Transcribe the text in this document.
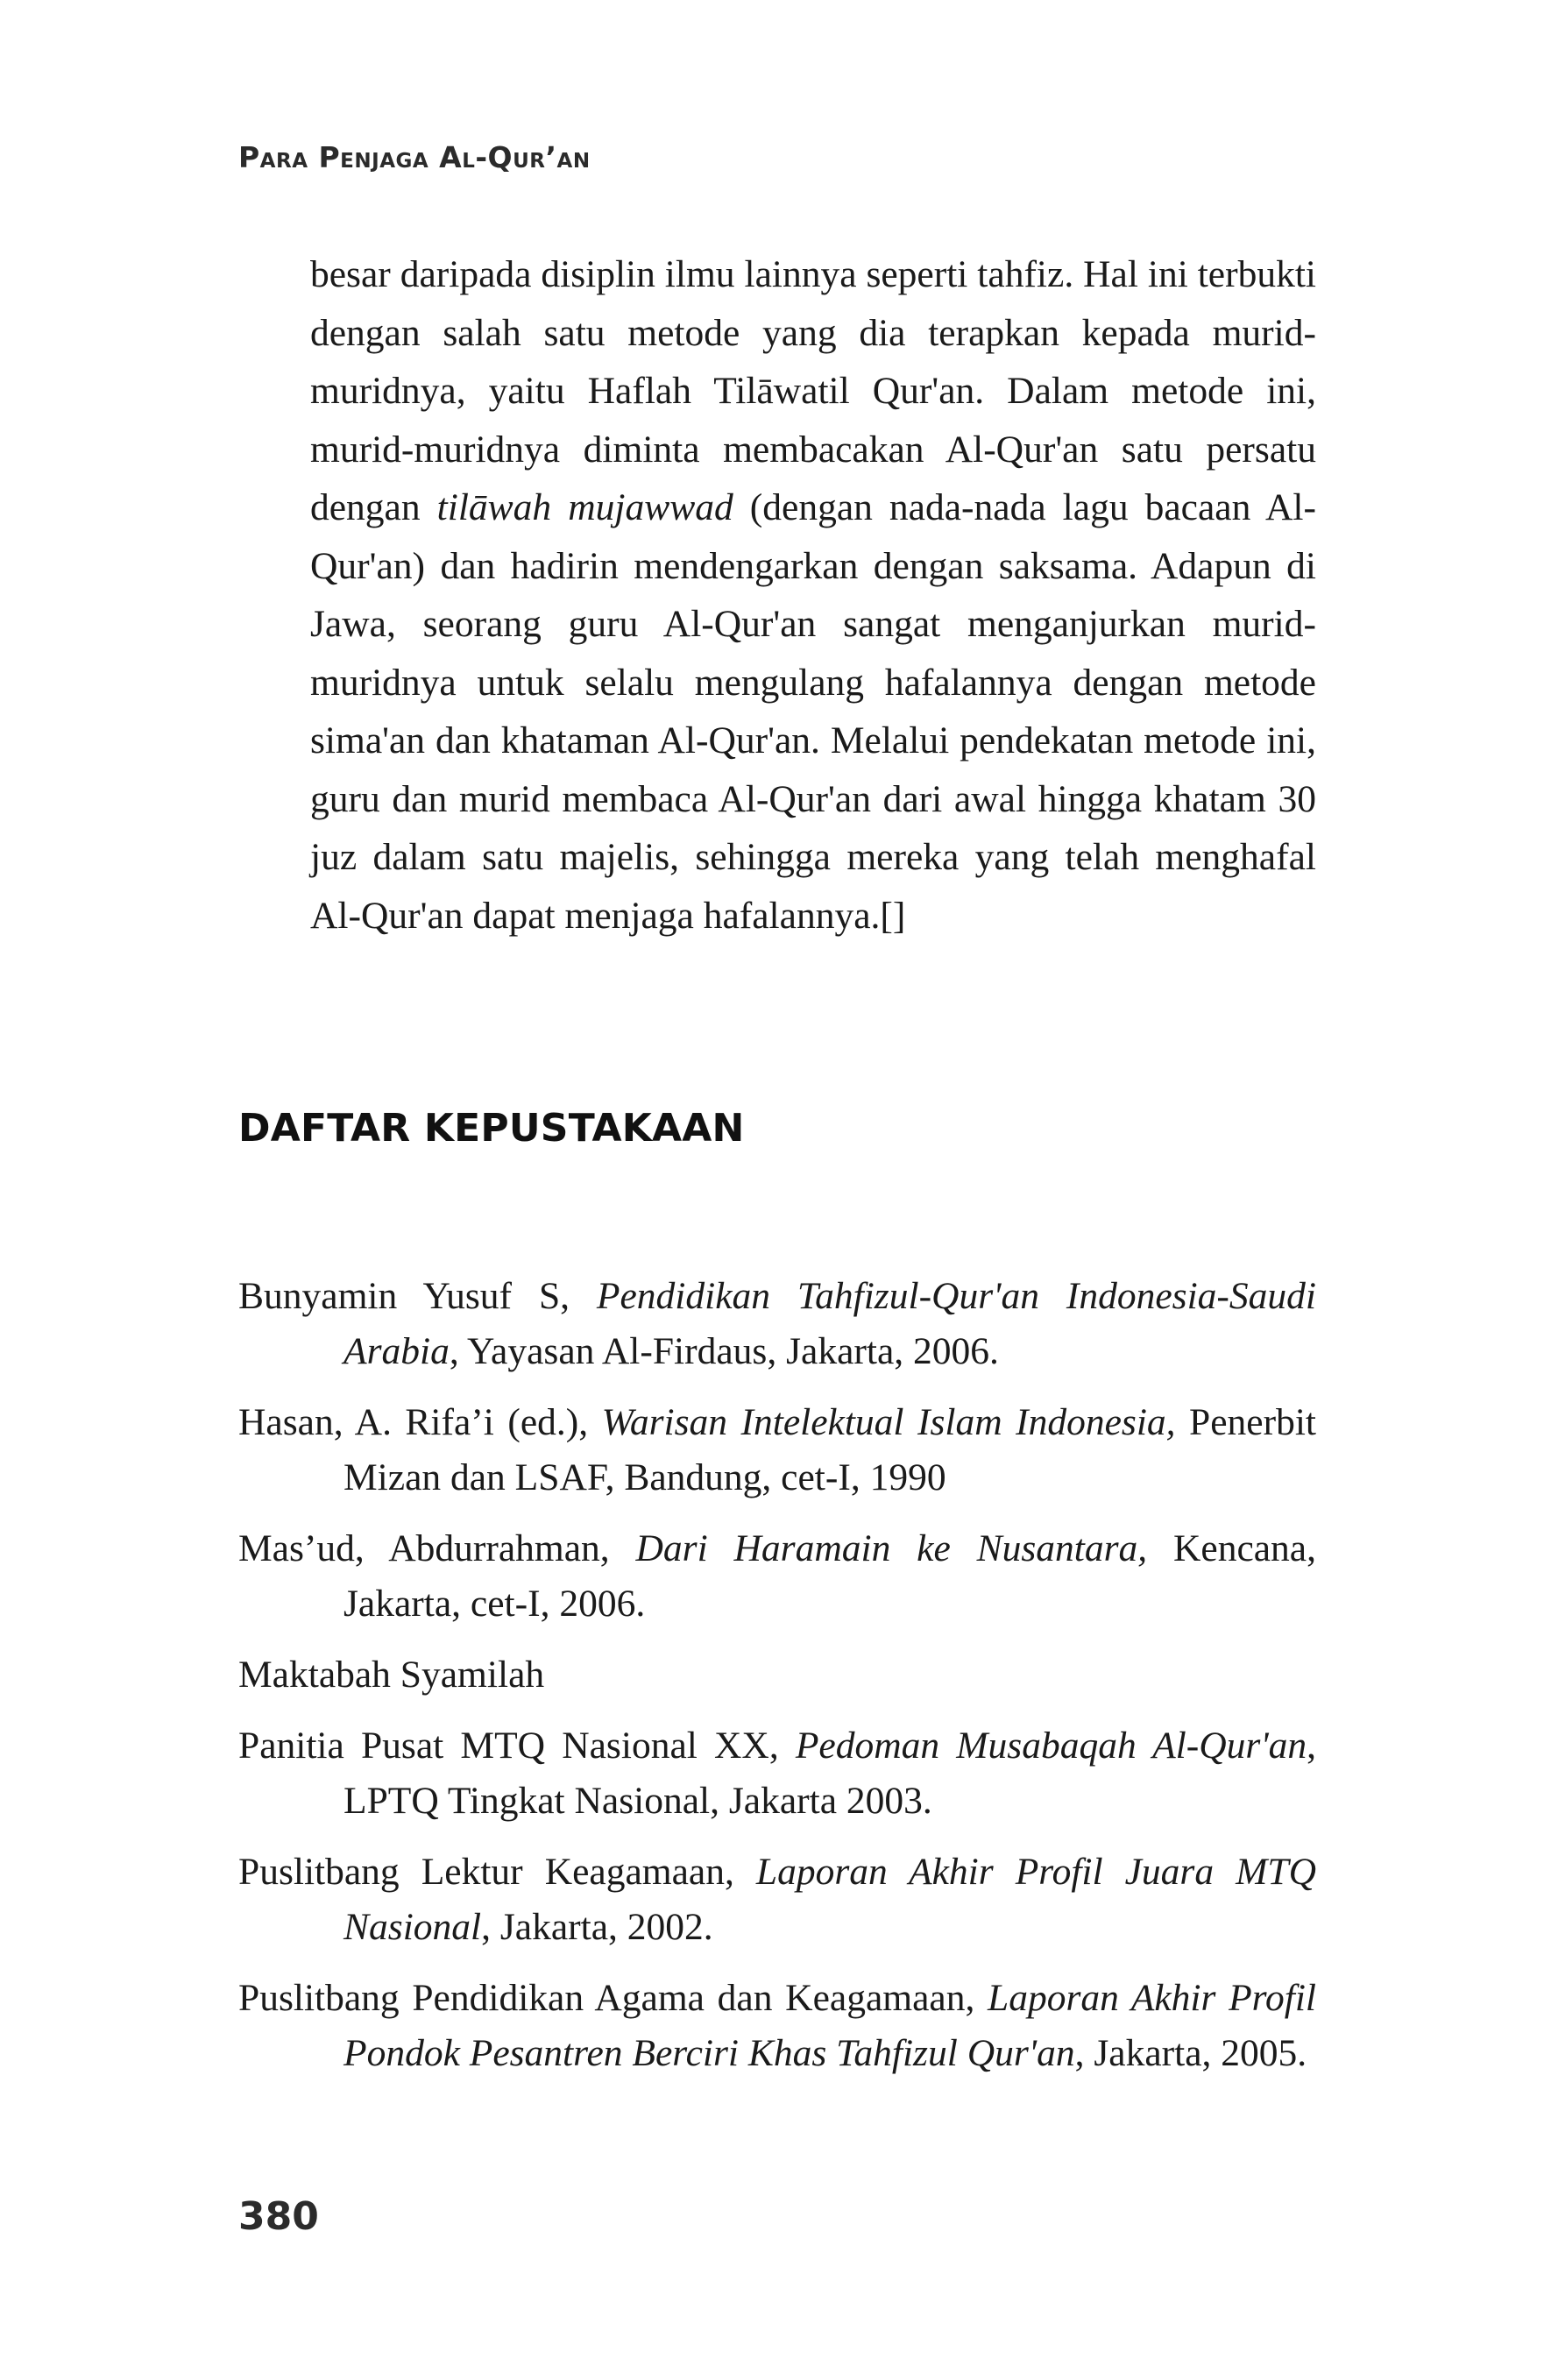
Para Penjaga Al-Qur’an

besar daripada disiplin ilmu lainnya seperti tahfiz. Hal ini terbukti dengan salah satu metode yang dia terapkan kepada murid-muridnya, yaitu Haflah Tilāwatil Qur'an. Dalam metode ini, murid-muridnya diminta membacakan Al-Qur'an satu persatu dengan tilāwah mujawwad (dengan nada-nada lagu bacaan Al-Qur'an) dan hadirin mendengarkan dengan saksama. Adapun di Jawa, seorang guru Al-Qur'an sangat menganjurkan murid-muridnya untuk selalu mengulang hafalannya dengan metode sima'an dan khataman Al-Qur'an. Melalui pendekatan metode ini, guru dan murid membaca Al-Qur'an dari awal hingga khatam 30 juz dalam satu majelis, sehingga mereka yang telah menghafal Al-Qur'an dapat menjaga hafalannya.[]

DAFTAR KEPUSTAKAAN
Bunyamin Yusuf S, Pendidikan Tahfizul-Qur'an Indonesia-Saudi Arabia, Yayasan Al-Firdaus, Jakarta, 2006.
Hasan, A. Rifa’i (ed.), Warisan Intelektual Islam Indonesia, Penerbit Mizan dan LSAF, Bandung, cet-I, 1990
Mas’ud, Abdurrahman, Dari Haramain ke Nusantara, Kencana, Jakarta, cet-I, 2006.
Maktabah Syamilah
Panitia Pusat MTQ Nasional XX, Pedoman Musabaqah Al-Qur'an, LPTQ Tingkat Nasional, Jakarta 2003.
Puslitbang Lektur Keagamaan, Laporan Akhir Profil Juara MTQ Nasional, Jakarta, 2002.
Puslitbang Pendidikan Agama dan Keagamaan, Laporan Akhir Profil Pondok Pesantren Berciri Khas Tahfizul Qur'an, Jakarta, 2005.
380
